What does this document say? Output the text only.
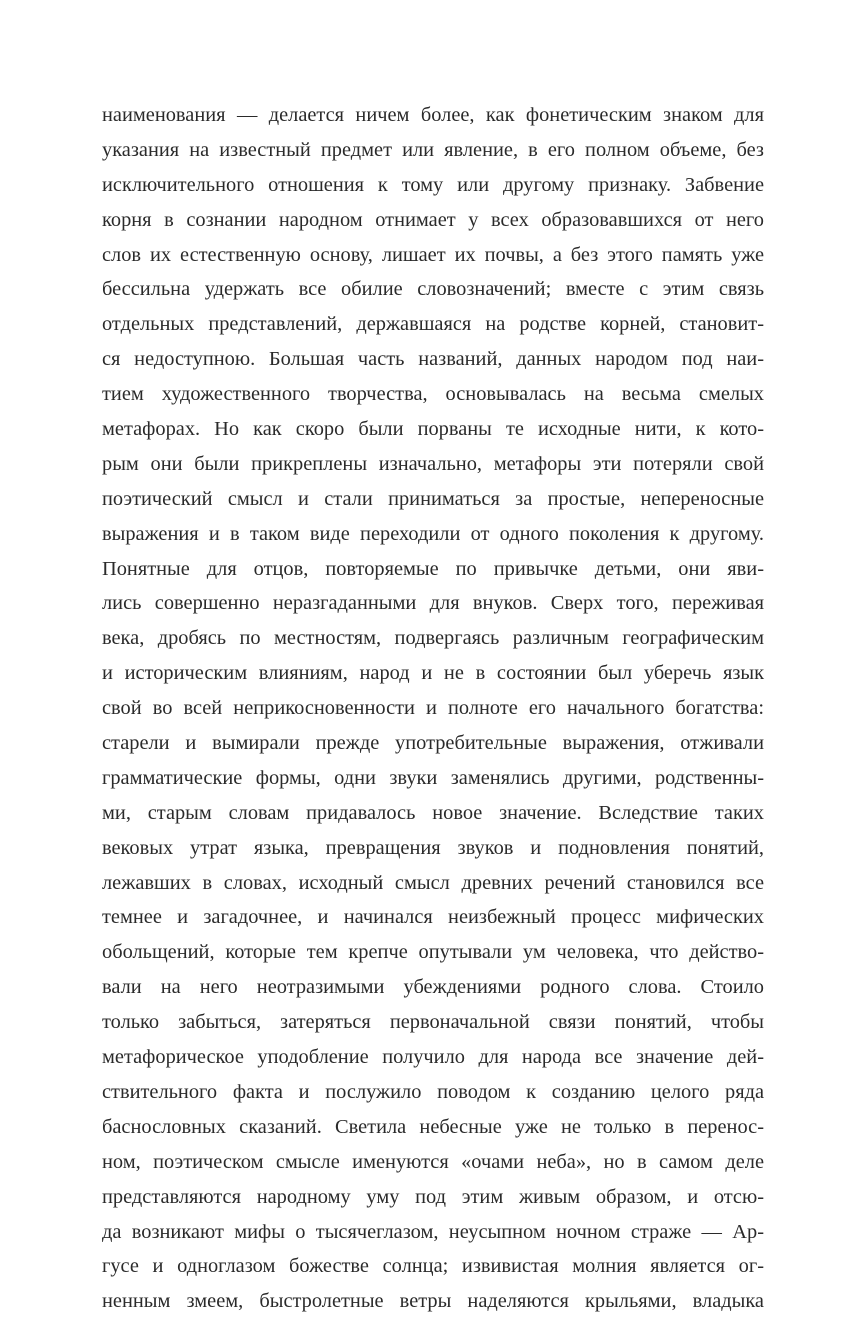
наименования — делается ничем более, как фонетическим знаком для
указания на известный предмет или явление, в его полном объеме, без
исключительного отношения к тому или другому признаку. Забвение
корня в сознании народном отнимает у всех образовавшихся от него
слов их естественную основу, лишает их почвы, а без этого память уже
бессильна удержать все обилие словозначений; вместе с этим связь
отдельных представлений, державшаяся на родстве корней, становит-
ся недоступною. Большая часть названий, данных народом под наи-
тием художественного творчества, основывалась на весьма смелых
метафорах. Но как скоро были порваны те исходные нити, к кото-
рым они были прикреплены изначально, метафоры эти потеряли свой
поэтический смысл и стали приниматься за простые, непереносные
выражения и в таком виде переходили от одного поколения к другому.
Понятные для отцов, повторяемые по привычке детьми, они яви-
лись совершенно неразгаданными для внуков. Сверх того, переживая
века, дробясь по местностям, подвергаясь различным географическим
и историческим влияниям, народ и не в состоянии был уберечь язык
свой во всей неприкосновенности и полноте его начального богатства:
старели и вымирали прежде употребительные выражения, отживали
грамматические формы, одни звуки заменялись другими, родственны-
ми, старым словам придавалось новое значение. Вследствие таких
вековых утрат языка, превращения звуков и подновления понятий,
лежавших в словах, исходный смысл древних речений становился все
темнее и загадочнее, и начинался неизбежный процесс мифических
обольщений, которые тем крепче опутывали ум человека, что действо-
вали на него неотразимыми убеждениями родного слова. Стоило
только забыться, затеряться первоначальной связи понятий, чтобы
метафорическое уподобление получило для народа все значение дей-
ствительного факта и послужило поводом к созданию целого ряда
баснословных сказаний. Светила небесные уже не только в перенос-
ном, поэтическом смысле именуются «очами неба», но в самом деле
представляются народному уму под этим живым образом, и отсю-
да возникают мифы о тысячеглазом, неусыпном ночном страже — Ар-
гусе и одноглазом божестве солнца; извивистая молния является ог-
ненным змеем, быстролетные ветры наделяются крыльями, владыка
